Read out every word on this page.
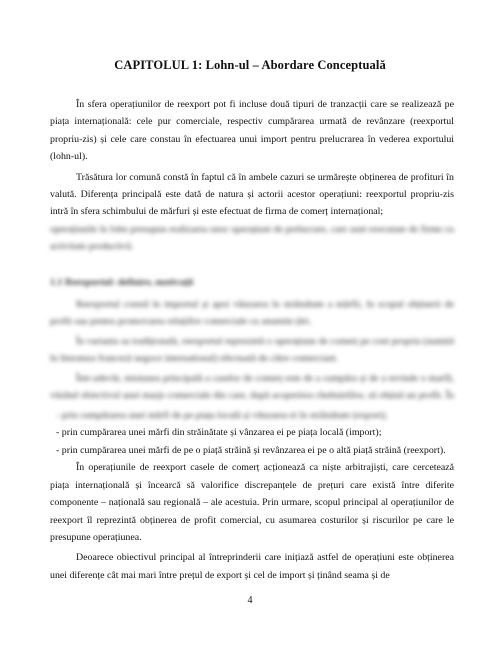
CAPITOLUL 1: Lohn-ul – Abordare Conceptuală

În sfera operațiunilor de reexport pot fi incluse două tipuri de tranzacții care se realizează pe piața internațională: cele pur comerciale, respectiv cumpărarea urmată de revânzare (reexportul propriu-zis) și cele care constau în efectuarea unui import pentru prelucrarea în vederea exportului (lohn-ul).

Trăsătura lor comună constă în faptul că în ambele cazuri se urmărește obținerea de profituri în valută. Diferența principală este dată de natura și actorii acestor operațiuni: reexportul propriu-zis intră în sfera schimbului de mărfuri și este efectuat de firma de comerț internațional;

operațiunile în lohn presupun realizarea unor operațiuni de prelucrare, care sunt executate de firme cu activitate productivă.

1.1 Reexportul: definire, motivații

Reexportul constă în importul și apoi vânzarea în străinătate a mărfii, în scopul obținerii de profit sau pentru promovarea relațiilor comerciale cu anumite țări.

În varianta sa tradițională, reexportul reprezintă o operațiune de comerț pe cont propriu (numită în literatura franceză negoce international) efectuată de către comerciant.

Într-adevăr, misiunea principală a caselor de comerț este de a cumpăra și de a revinde o marfă, văzând obiectivul unei marje comerciale din care, după acoperirea cheltuielilor, să obțină un profit. În

- prin cumpărarea unei mărfi de pe piața locală și vânzarea ei în străinătate (export);

- prin cumpărarea unei mărfi din străinătate și vânzarea ei pe piața locală (import);

- prin cumpărarea unei mărfi de pe o piață străină și revânzarea ei pe o altă piață străină (reexport).

În operațiunile de reexport casele de comerț acționează ca niște arbitrajiști, care cercetează piața internațională și încearcă să valorifice discrepanțele de prețuri care există între diferite componente – națională sau regională – ale acestuia. Prin urmare, scopul principal al operațiunilor de reexport îl reprezintă obținerea de profit comercial, cu asumarea costurilor și riscurilor pe care le presupune operațiunea.

Deoarece obiectivul principal al întreprinderii care inițiază astfel de operațiuni este obținerea unei diferențe cât mai mari între prețul de export și cel de import și ținând seama și de

4
